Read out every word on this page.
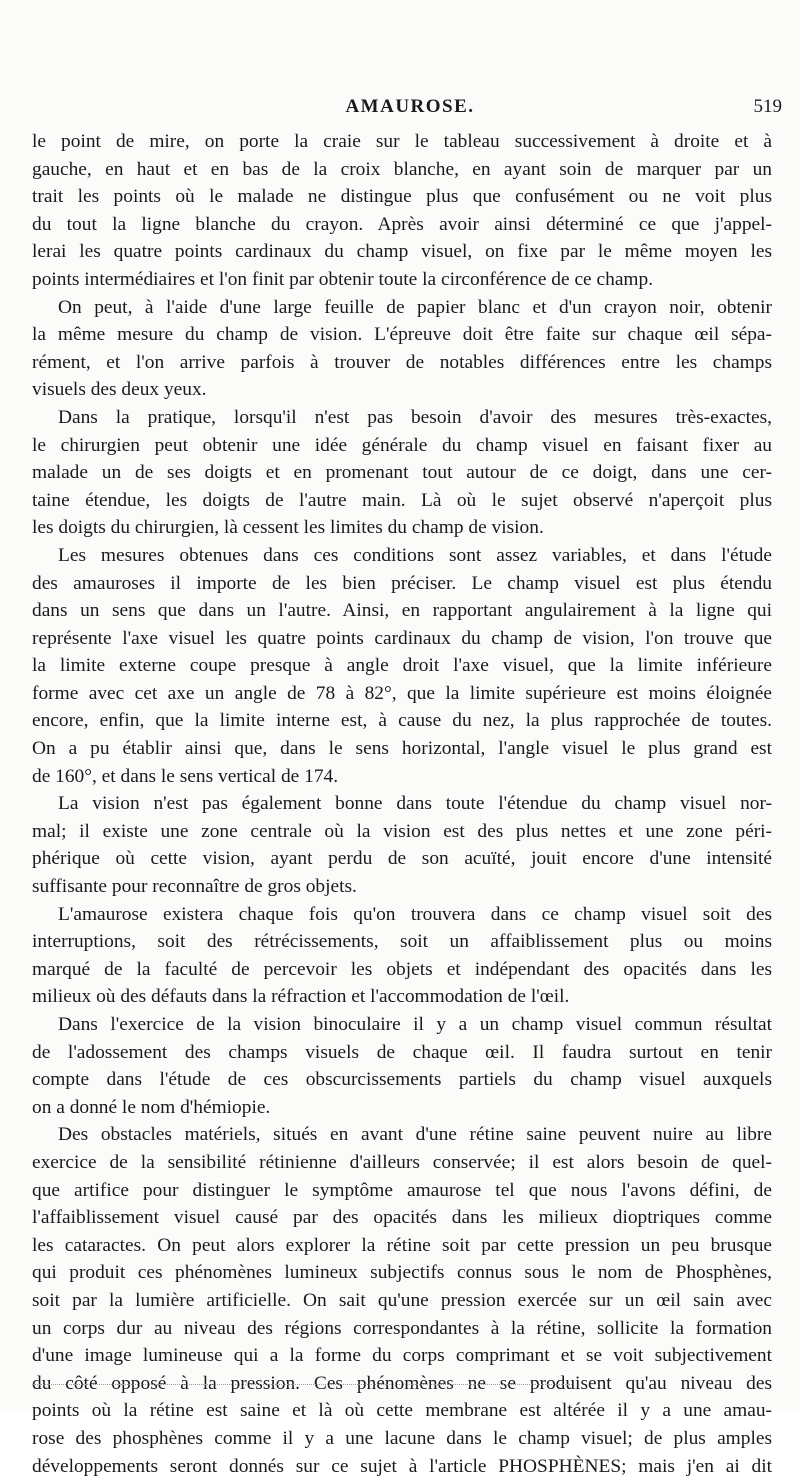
AMAUROSE.	519
le point de mire, on porte la craie sur le tableau successivement à droite et à
gauche, en haut et en bas de la croix blanche, en ayant soin de marquer par un
trait les points où le malade ne distingue plus que confusément ou ne voit plus
du tout la ligne blanche du crayon. Après avoir ainsi déterminé ce que j'appel-
lerai les quatre points cardinaux du champ visuel, on fixe par le même moyen les
points intermédiaires et l'on finit par obtenir toute la circonférence de ce champ.
On peut, à l'aide d'une large feuille de papier blanc et d'un crayon noir, obtenir
la même mesure du champ de vision. L'épreuve doit être faite sur chaque œil sépa-
rément, et l'on arrive parfois à trouver de notables différences entre les champs
visuels des deux yeux.
Dans la pratique, lorsqu'il n'est pas besoin d'avoir des mesures très-exactes,
le chirurgien peut obtenir une idée générale du champ visuel en faisant fixer au
malade un de ses doigts et en promenant tout autour de ce doigt, dans une cer-
taine étendue, les doigts de l'autre main. Là où le sujet observé n'aperçoit plus
les doigts du chirurgien, là cessent les limites du champ de vision.
Les mesures obtenues dans ces conditions sont assez variables, et dans l'étude
des amauroses il importe de les bien préciser. Le champ visuel est plus étendu
dans un sens que dans un l'autre. Ainsi, en rapportant angulairement à la ligne qui
représente l'axe visuel les quatre points cardinaux du champ de vision, l'on trouve que
la limite externe coupe presque à angle droit l'axe visuel, que la limite inférieure
forme avec cet axe un angle de 78 à 82°, que la limite supérieure est moins éloignée
encore, enfin, que la limite interne est, à cause du nez, la plus rapprochée de toutes.
On a pu établir ainsi que, dans le sens horizontal, l'angle visuel le plus grand est
de 160°, et dans le sens vertical de 174.
La vision n'est pas également bonne dans toute l'étendue du champ visuel nor-
mal; il existe une zone centrale où la vision est des plus nettes et une zone péri-
phérique où cette vision, ayant perdu de son acuïté, jouit encore d'une intensité
suffisante pour reconnaître de gros objets.
L'amaurose existera chaque fois qu'on trouvera dans ce champ visuel soit des
interruptions, soit des rétrécissements, soit un affaiblissement plus ou moins
marqué de la faculté de percevoir les objets et indépendant des opacités dans les
milieux où des défauts dans la réfraction et l'accommodation de l'œil.
Dans l'exercice de la vision binoculaire il y a un champ visuel commun résultat
de l'adossement des champs visuels de chaque œil. Il faudra surtout en tenir
compte dans l'étude de ces obscurcissements partiels du champ visuel auxquels
on a donné le nom d'hémiopie.
Des obstacles matériels, situés en avant d'une rétine saine peuvent nuire au libre
exercice de la sensibilité rétinienne d'ailleurs conservée; il est alors besoin de quel-
que artifice pour distinguer le symptôme amaurose tel que nous l'avons défini, de
l'affaiblissement visuel causé par des opacités dans les milieux dioptriques comme
les cataractes. On peut alors explorer la rétine soit par cette pression un peu brusque
qui produit ces phénomènes lumineux subjectifs connus sous le nom de Phosphènes,
soit par la lumière artificielle. On sait qu'une pression exercée sur un œil sain avec
un corps dur au niveau des régions correspondantes à la rétine, sollicite la formation
d'une image lumineuse qui a la forme du corps comprimant et se voit subjectivement
du côté opposé à la pression. Ces phénomènes ne se produisent qu'au niveau des
points où la rétine est saine et là où cette membrane est altérée il y a une amau-
rose des phosphènes comme il y a une lacune dans le champ visuel; de plus amples
développements seront donnés sur ce sujet à l'article PHOSPHÈNES; mais j'en ai dit
